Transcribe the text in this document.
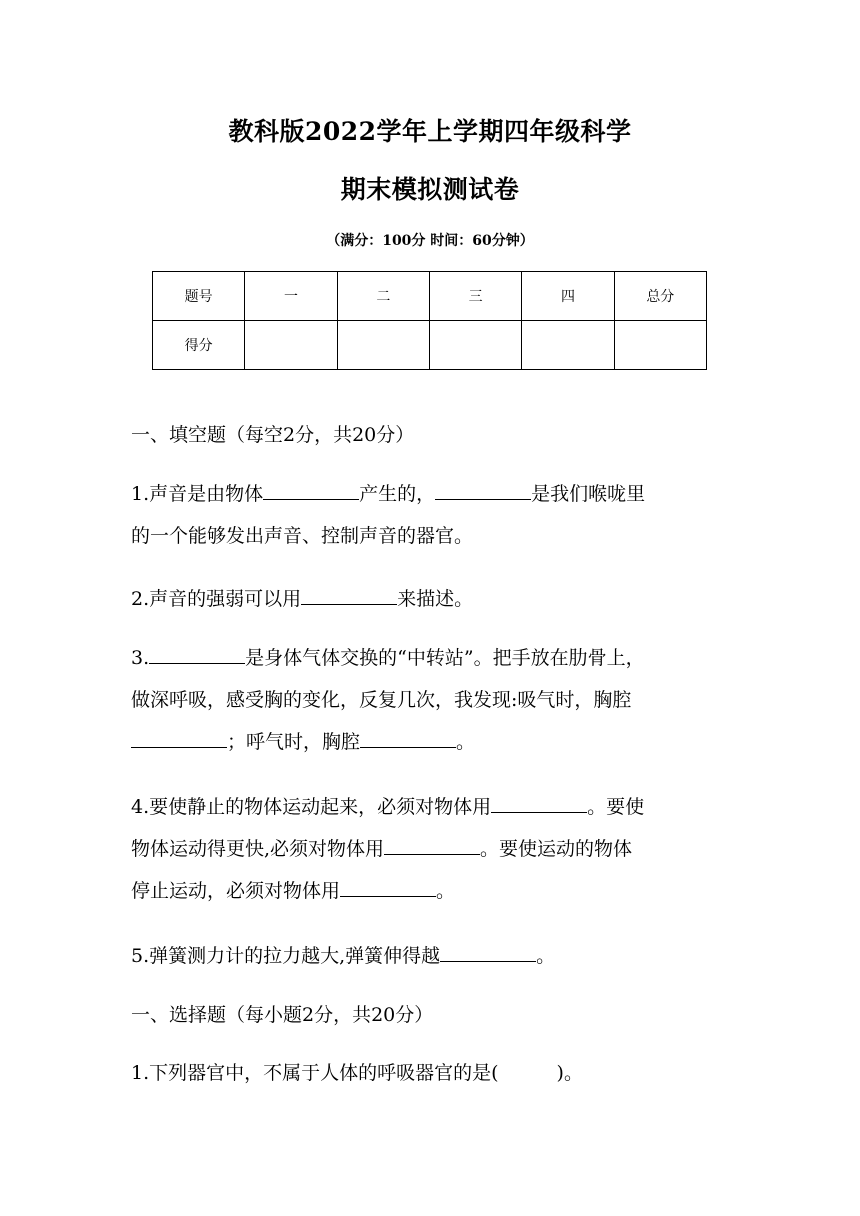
教科版2022学年上学期四年级科学
期末模拟测试卷
（满分：100分 时间：60分钟）
题号	一	二	三	四	总分
得分					
一、填空题（每空2分，共20分）
1.声音是由物体	产生的，	是我们喉咙里
的一个能够发出声音、控制声音的器官。
2.声音的强弱可以用	来描述。
3.	是身体气体交换的“中转站”。把手放在肋骨上，
做深呼吸，感受胸的变化，反复几次，我发现:吸气时，胸腔
；呼气时，胸腔	。
4.要使静止的物体运动起来，必须对物体用	。要使
物体运动得更快,必须对物体用	。要使运动的物体
停止运动，必须对物体用	。
5.弹簧测力计的拉力越大,弹簧伸得越	。
一、选择题（每小题2分，共20分）
1.下列器官中，不属于人体的呼吸器官的是(	)。
